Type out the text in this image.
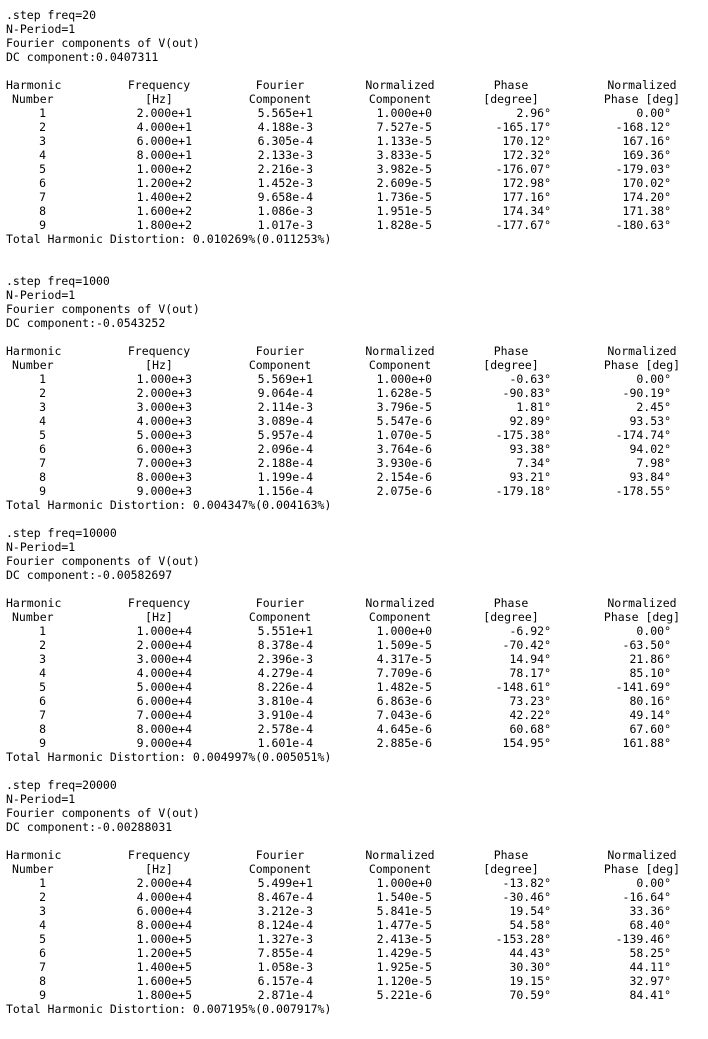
.step freq=20
N-Period=1
Fourier components of V(out)
DC component:0.0407311
Harmonic	Frequency	Fourier	Normalized	Phase	Normalized
Number	[Hz]	Component	Component	[degree]	Phase [deg]
1	2.000e+1	5.565e+1	1.000e+0	2.96°	0.00°
2	4.000e+1	4.188e-3	7.527e-5	-165.17°	-168.12°
3	6.000e+1	6.305e-4	1.133e-5	170.12°	167.16°
4	8.000e+1	2.133e-3	3.833e-5	172.32°	169.36°
5	1.000e+2	2.216e-3	3.982e-5	-176.07°	-179.03°
6	1.200e+2	1.452e-3	2.609e-5	172.98°	170.02°
7	1.400e+2	9.658e-4	1.736e-5	177.16°	174.20°
8	1.600e+2	1.086e-3	1.951e-5	174.34°	171.38°
9	1.800e+2	1.017e-3	1.828e-5	-177.67°	-180.63°
Total Harmonic Distortion: 0.010269%(0.011253%)
.step freq=1000
N-Period=1
Fourier components of V(out)
DC component:-0.0543252
Harmonic	Frequency	Fourier	Normalized	Phase	Normalized
Number	[Hz]	Component	Component	[degree]	Phase [deg]
1	1.000e+3	5.569e+1	1.000e+0	-0.63°	0.00°
2	2.000e+3	9.064e-4	1.628e-5	-90.83°	-90.19°
3	3.000e+3	2.114e-3	3.796e-5	1.81°	2.45°
4	4.000e+3	3.089e-4	5.547e-6	92.89°	93.53°
5	5.000e+3	5.957e-4	1.070e-5	-175.38°	-174.74°
6	6.000e+3	2.096e-4	3.764e-6	93.38°	94.02°
7	7.000e+3	2.188e-4	3.930e-6	7.34°	7.98°
8	8.000e+3	1.199e-4	2.154e-6	93.21°	93.84°
9	9.000e+3	1.156e-4	2.075e-6	-179.18°	-178.55°
Total Harmonic Distortion: 0.004347%(0.004163%)
.step freq=10000
N-Period=1
Fourier components of V(out)
DC component:-0.00582697
Harmonic	Frequency	Fourier	Normalized	Phase	Normalized
Number	[Hz]	Component	Component	[degree]	Phase [deg]
1	1.000e+4	5.551e+1	1.000e+0	-6.92°	0.00°
2	2.000e+4	8.378e-4	1.509e-5	-70.42°	-63.50°
3	3.000e+4	2.396e-3	4.317e-5	14.94°	21.86°
4	4.000e+4	4.279e-4	7.709e-6	78.17°	85.10°
5	5.000e+4	8.226e-4	1.482e-5	-148.61°	-141.69°
6	6.000e+4	3.810e-4	6.863e-6	73.23°	80.16°
7	7.000e+4	3.910e-4	7.043e-6	42.22°	49.14°
8	8.000e+4	2.578e-4	4.645e-6	60.68°	67.60°
9	9.000e+4	1.601e-4	2.885e-6	154.95°	161.88°
Total Harmonic Distortion: 0.004997%(0.005051%)
.step freq=20000
N-Period=1
Fourier components of V(out)
DC component:-0.00288031
Harmonic	Frequency	Fourier	Normalized	Phase	Normalized
Number	[Hz]	Component	Component	[degree]	Phase [deg]
1	2.000e+4	5.499e+1	1.000e+0	-13.82°	0.00°
2	4.000e+4	8.467e-4	1.540e-5	-30.46°	-16.64°
3	6.000e+4	3.212e-3	5.841e-5	19.54°	33.36°
4	8.000e+4	8.124e-4	1.477e-5	54.58°	68.40°
5	1.000e+5	1.327e-3	2.413e-5	-153.28°	-139.46°
6	1.200e+5	7.855e-4	1.429e-5	44.43°	58.25°
7	1.400e+5	1.058e-3	1.925e-5	30.30°	44.11°
8	1.600e+5	6.157e-4	1.120e-5	19.15°	32.97°
9	1.800e+5	2.871e-4	5.221e-6	70.59°	84.41°
Total Harmonic Distortion: 0.007195%(0.007917%)
